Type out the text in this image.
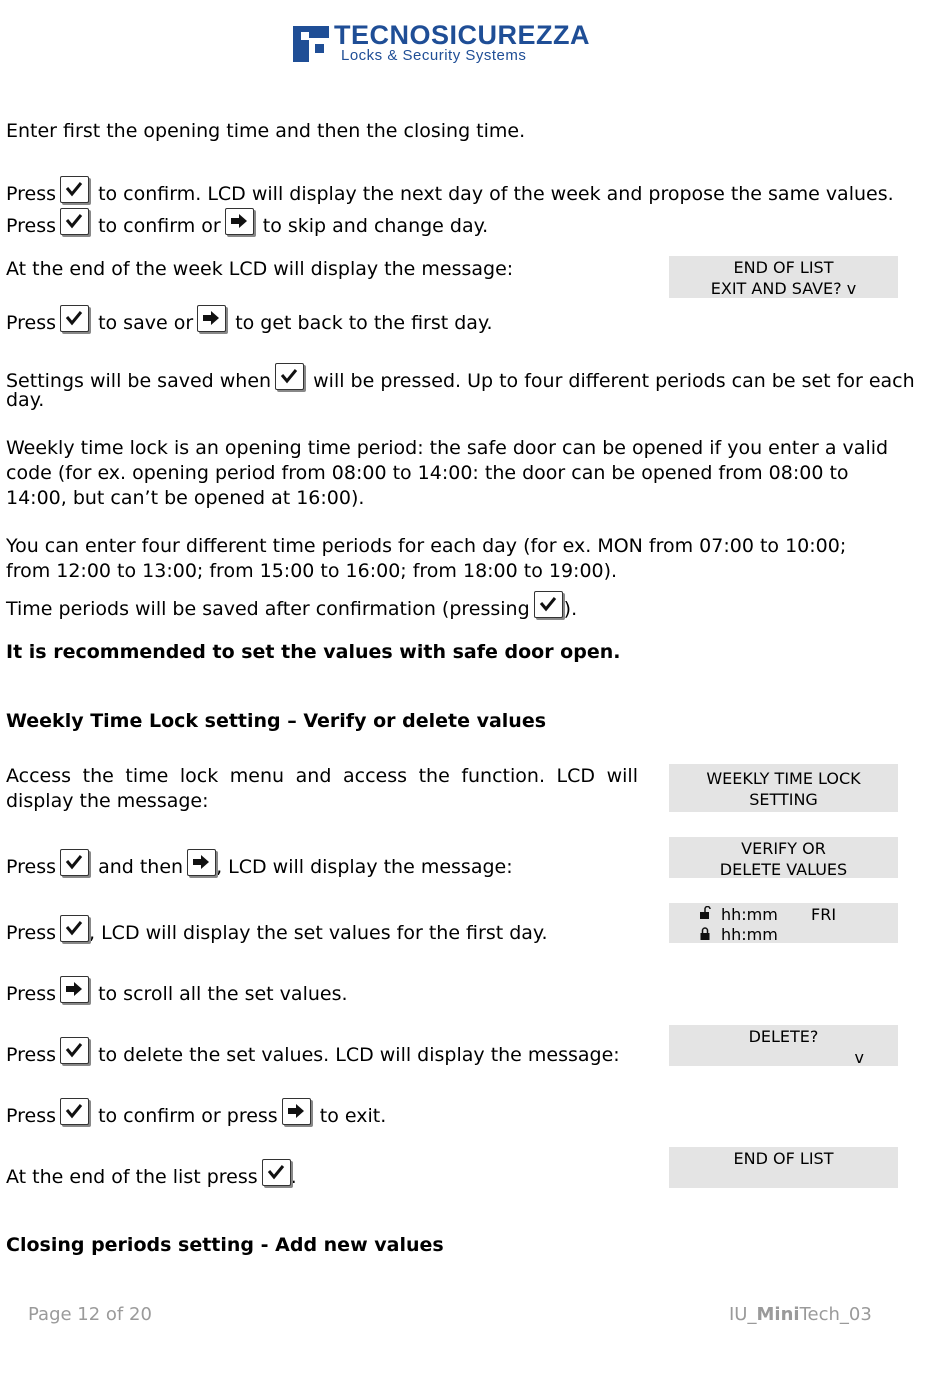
TECNOSICUREZZA
Locks & Security Systems
Enter first the opening time and then the closing time.
Press to confirm. LCD will display the next day of the week and propose the same values.
Press to confirm or to skip and change day.
At the end of the week LCD will display the message:	END OF LIST
EXIT AND SAVE? v
Press to save or to get back to the first day.
Settings will be saved when will be pressed. Up to four different periods can be set for each
day.
Weekly time lock is an opening time period: the safe door can be opened if you enter a valid code (for ex. opening period from 08:00 to 14:00: the door can be opened from 08:00 to 14:00, but can’t be opened at 16:00).
You can enter four different time periods for each day (for ex. MON from 07:00 to 10:00; from 12:00 to 13:00; from 15:00 to 16:00; from 18:00 to 19:00).
Time periods will be saved after confirmation (pressing ).
It is recommended to set the values with safe door open.
Weekly Time Lock setting – Verify or delete values
Access the time lock menu and access the function. LCD will display the message:
WEEKLY TIME LOCK
SETTING
Press and then , LCD will display the message:
VERIFY OR
DELETE VALUES
Press , LCD will display the set values for the first day.
hh:mm FRI
hh:mm
Press to scroll all the set values.
Press to delete the set values. LCD will display the message:
DELETE?
v
Press to confirm or press to exit.
At the end of the list press .
END OF LIST
Closing periods setting - Add new values
Page 12 of 20	IU_MiniTech_03
